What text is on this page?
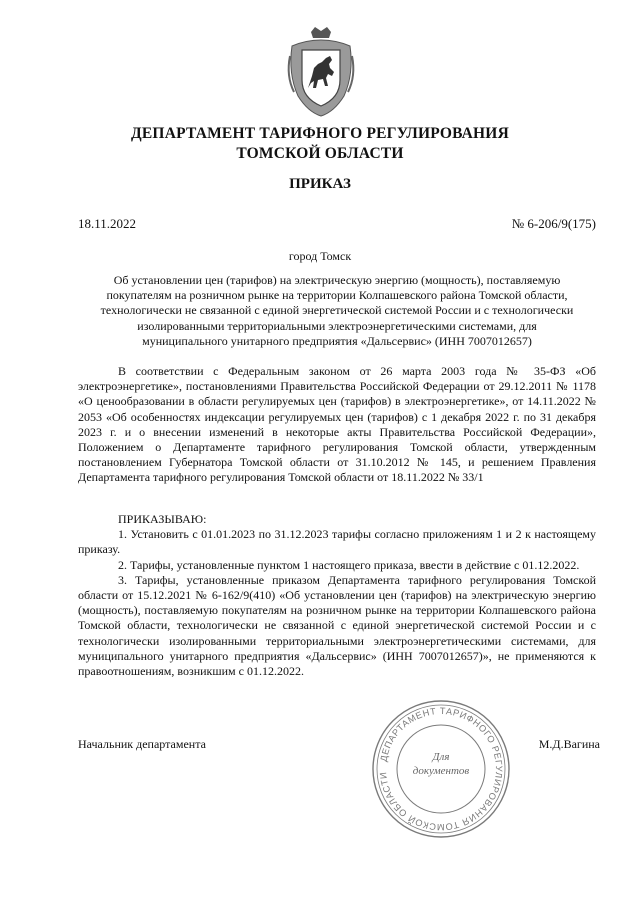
ДЕПАРТАМЕНТ ТАРИФНОГО РЕГУЛИРОВАНИЯ
ТОМСКОЙ ОБЛАСТИ
ПРИКАЗ
18.11.2022	№ 6-206/9(175)
город Томск
Об установлении цен (тарифов) на электрическую энергию (мощность), поставляемую
покупателям на розничном рынке на территории Колпашевского района Томской области,
технологически не связанной с единой энергетической системой России и с технологически
изолированными территориальными электроэнергетическими системами, для
муниципального унитарного предприятия «Дальсервис» (ИНН 7007012657)

В соответствии с Федеральным законом от 26 марта 2003 года № 35-ФЗ «Об электроэнергетике», постановлениями Правительства Российской Федерации от 29.12.2011 № 1178 «О ценообразовании в области регулируемых цен (тарифов) в электроэнергетике», от 14.11.2022 № 2053 «Об особенностях индексации регулируемых цен (тарифов) с 1 декабря 2022 г. по 31 декабря 2023 г. и о внесении изменений в некоторые акты Правительства Российской Федерации», Положением о Департаменте тарифного регулирования Томской области, утвержденным постановлением Губернатора Томской области от 31.10.2012 № 145, и решением Правления Департамента тарифного регулирования Томской области от 18.11.2022 № 33/1

ПРИКАЗЫВАЮ:

1. Установить с 01.01.2023 по 31.12.2023 тарифы согласно приложениям 1 и 2 к настоящему приказу.

2. Тарифы, установленные пунктом 1 настоящего приказа, ввести в действие с 01.12.2022.

3. Тарифы, установленные приказом Департамента тарифного регулирования Томской области от 15.12.2021 № 6-162/9(410) «Об установлении цен (тарифов) на электрическую энергию (мощность), поставляемую покупателям на розничном рынке на территории Колпашевского района Томской области, технологически не связанной с единой энергетической системой России и с технологически изолированными территориальными электроэнергетическими системами, для муниципального унитарного предприятия «Дальсервис» (ИНН 7007012657)», не применяются к правоотношениям, возникшим с 01.12.2022.

ДЕПАРТАМЕНТ ТАРИФНОГО РЕГУЛИРОВАНИЯ ТОМСКОЙ ОБЛАСТИ
Для
документов
Начальник департамента	М.Д.Вагина
